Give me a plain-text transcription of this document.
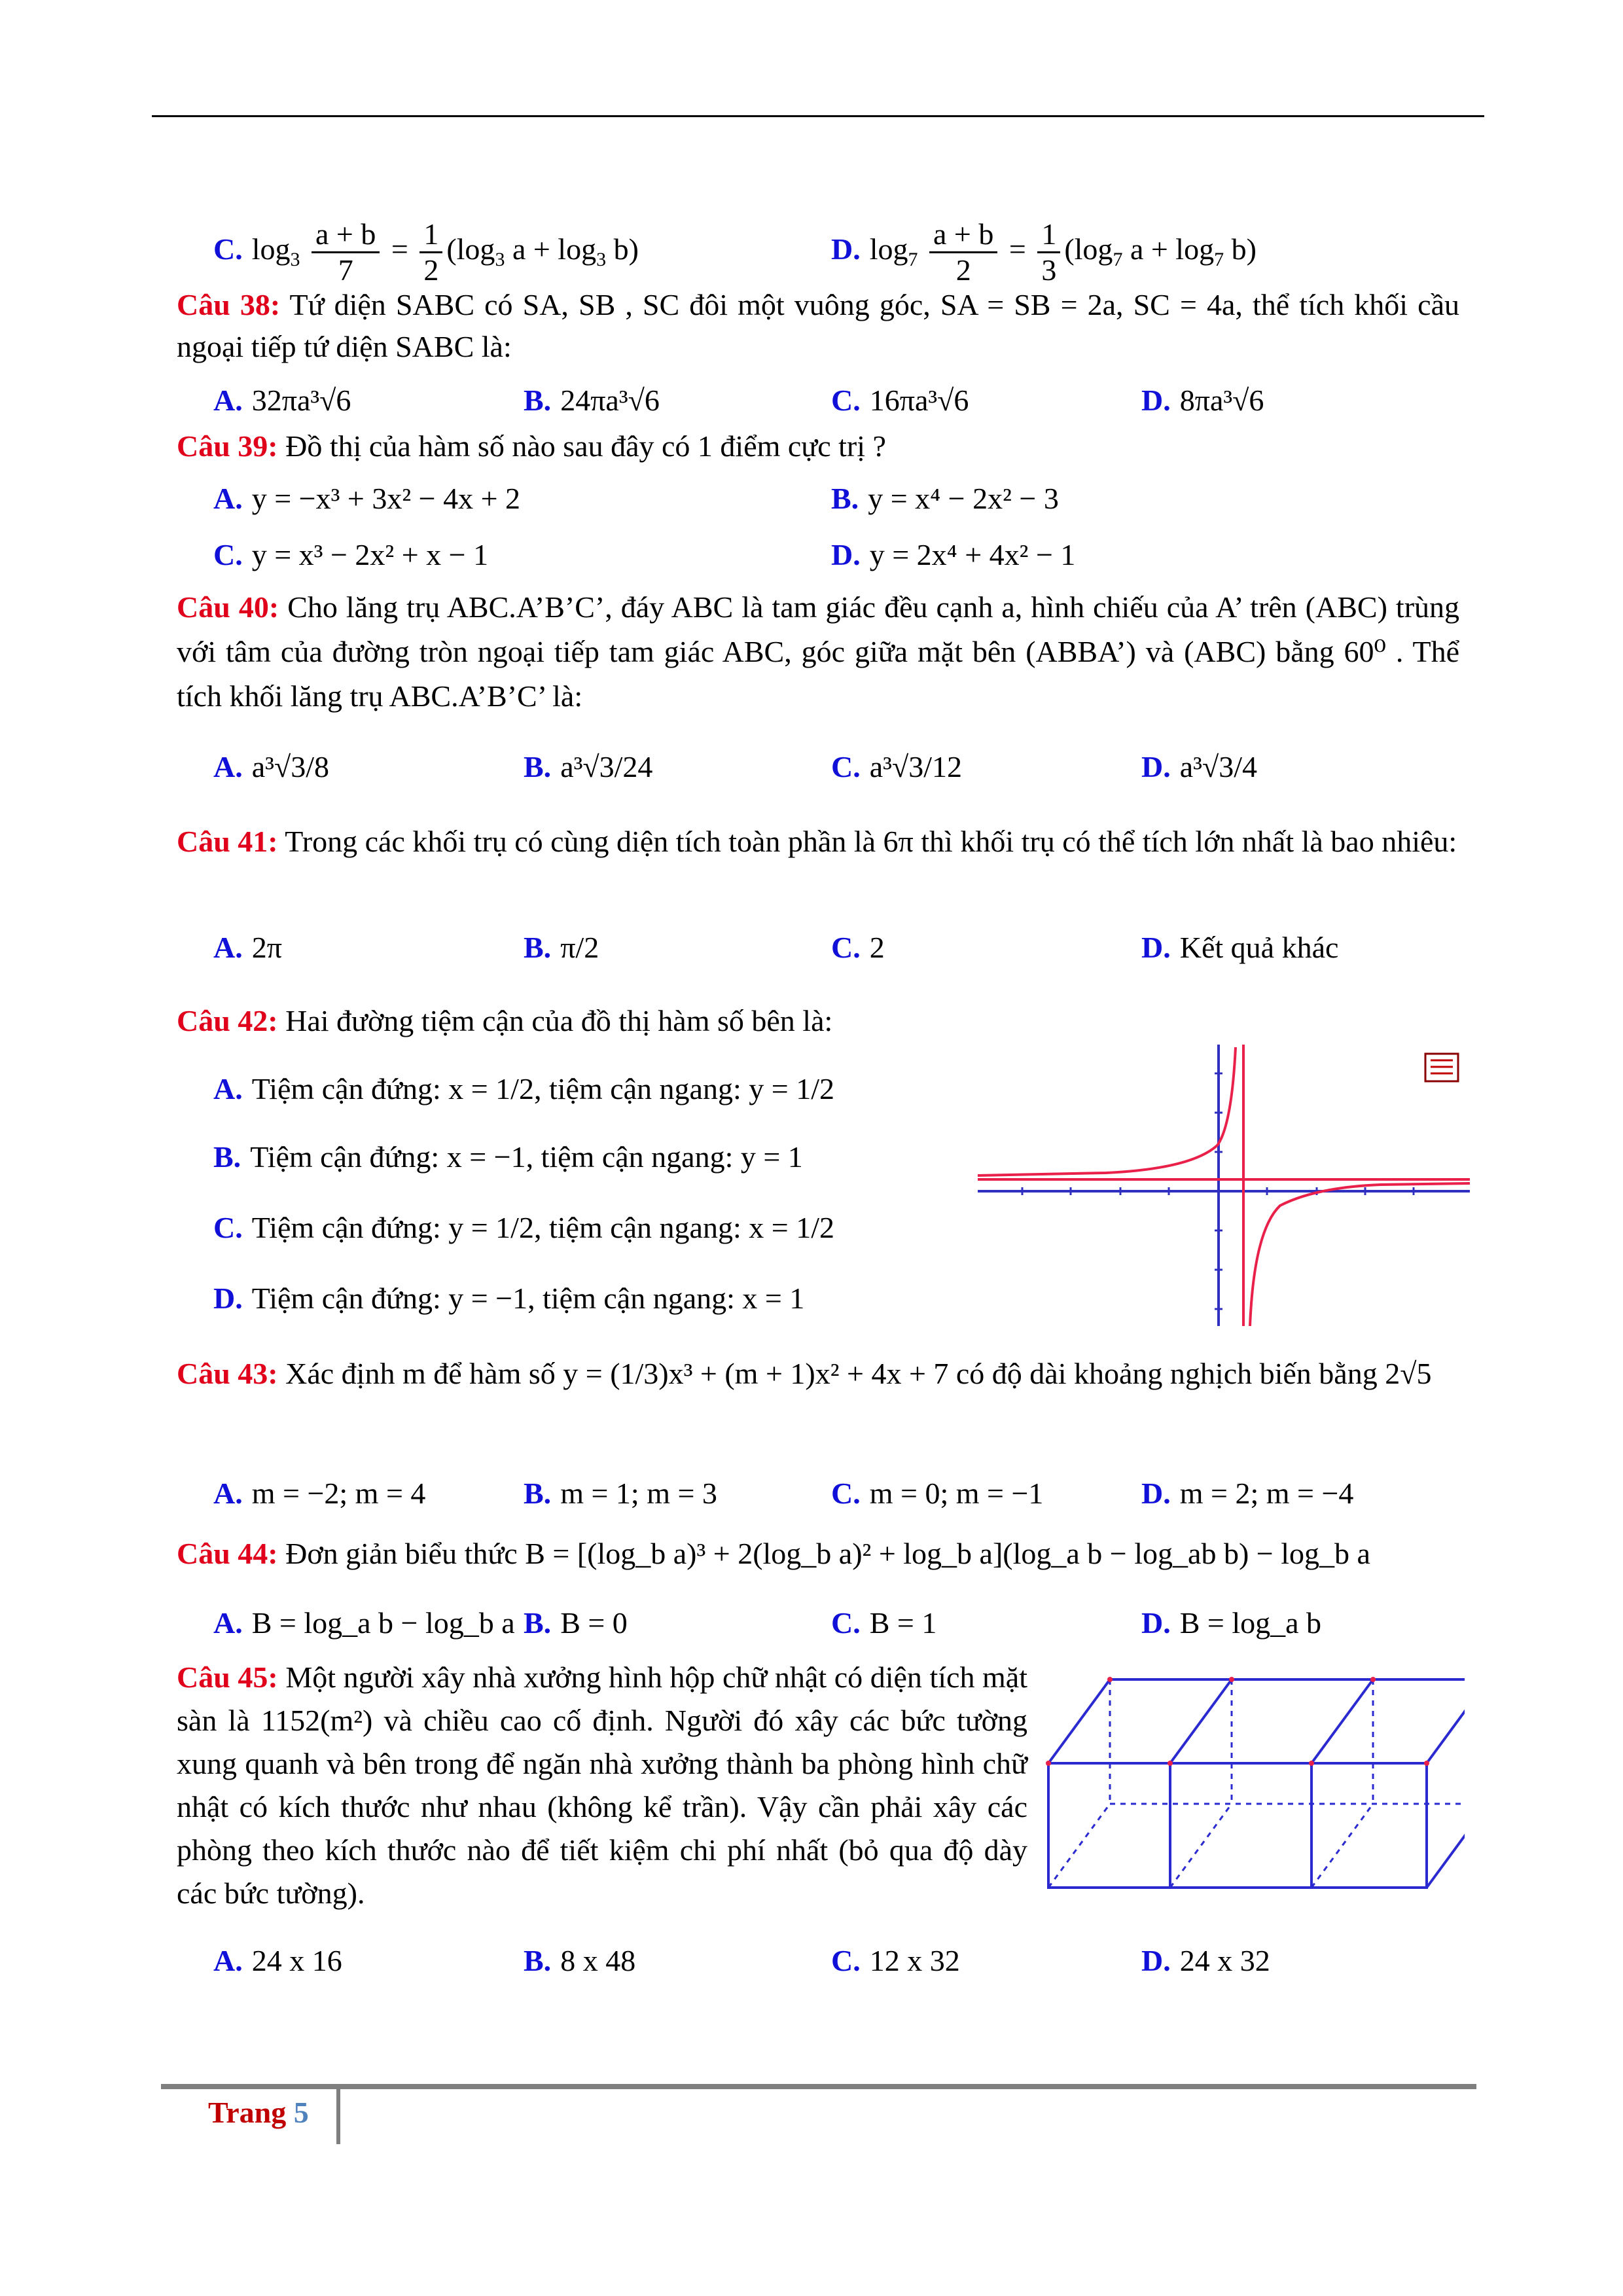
C. $\log_3 \frac{a + b}{7} = \frac{1}{2} (\log_3$ $a + \log_3 b$)	D. $\log_7 \frac{a + b}{2} = \frac{1}{3} (\log_7$ $a + \log_7 b$)
Câu 38: Tứ diện SABC có SA, SB , SC đôi một vuông góc, SA = SB = 2a, SC = 4a, thể tích khối cầu ngoại tiếp tứ diện SABC là:
A. 32πa³√6	B. 24πa³√6	C. 16πa³√6	D. 8πa³√6
Câu 39: Đồ thị của hàm số nào sau đây có 1 điểm cực trị ?
A. y = −x³ + 3x² − 4x + 2	B. y = x⁴ − 2x² − 3
C. y = x³ − 2x² + x − 1	D. y = 2x⁴ + 4x² − 1
Câu 40: Cho lăng trụ ABC.A’B’C’, đáy ABC là tam giác đều cạnh a, hình chiếu của A’ trên (ABC) trùng với tâm của đường tròn ngoại tiếp tam giác ABC, góc giữa mặt bên (ABBA’) và (ABC) bằng 60⁰ . Thể tích khối lăng trụ ABC.A’B’C’ là:
A. a³√3/8	B. a³√3/24	C. a³√3/12	D. a³√3/4
Câu 41: Trong các khối trụ có cùng diện tích toàn phần là 6π thì khối trụ có thể tích lớn nhất là bao nhiêu:
A. 2π	B. π/2	C. 2	D. Kết quả khác
Câu 42: Hai đường tiệm cận của đồ thị hàm số bên là:
A. Tiệm cận đứng: x = 1/2, tiệm cận ngang: y = 1/2
B. Tiệm cận đứng: x = −1, tiệm cận ngang: y = 1
C. Tiệm cận đứng: y = 1/2, tiệm cận ngang: x = 1/2
D. Tiệm cận đứng: y = −1, tiệm cận ngang: x = 1
Câu 43: Xác định m để hàm số y = (1/3)x³ + (m + 1)x² + 4x + 7 có độ dài khoảng nghịch biến bằng 2√5
A. m = −2; m = 4	B. m = 1; m = 3	C. m = 0; m = −1	D. m = 2; m = −4
Câu 44: Đơn giản biểu thức B = [(log_b a)³ + 2(log_b a)² + log_b a](log_a b − log_ab b) − log_b a
A. B = log_a b − log_b a B. B = 0	C. B = 1	D. B = log_a b
Câu 45: Một người xây nhà xưởng hình hộp chữ nhật có diện tích mặt sàn là 1152(m²) và chiều cao cố định. Người đó xây các bức tường xung quanh và bên trong để ngăn nhà xưởng thành ba phòng hình chữ nhật có kích thước như nhau (không kể trần). Vậy cần phải xây các phòng theo kích thước nào để tiết kiệm chi phí nhất (bỏ qua độ dày các bức tường).
A. 24 x 16	B. 8 x 48	C. 12 x 32	D. 24 x 32
Trang 5
